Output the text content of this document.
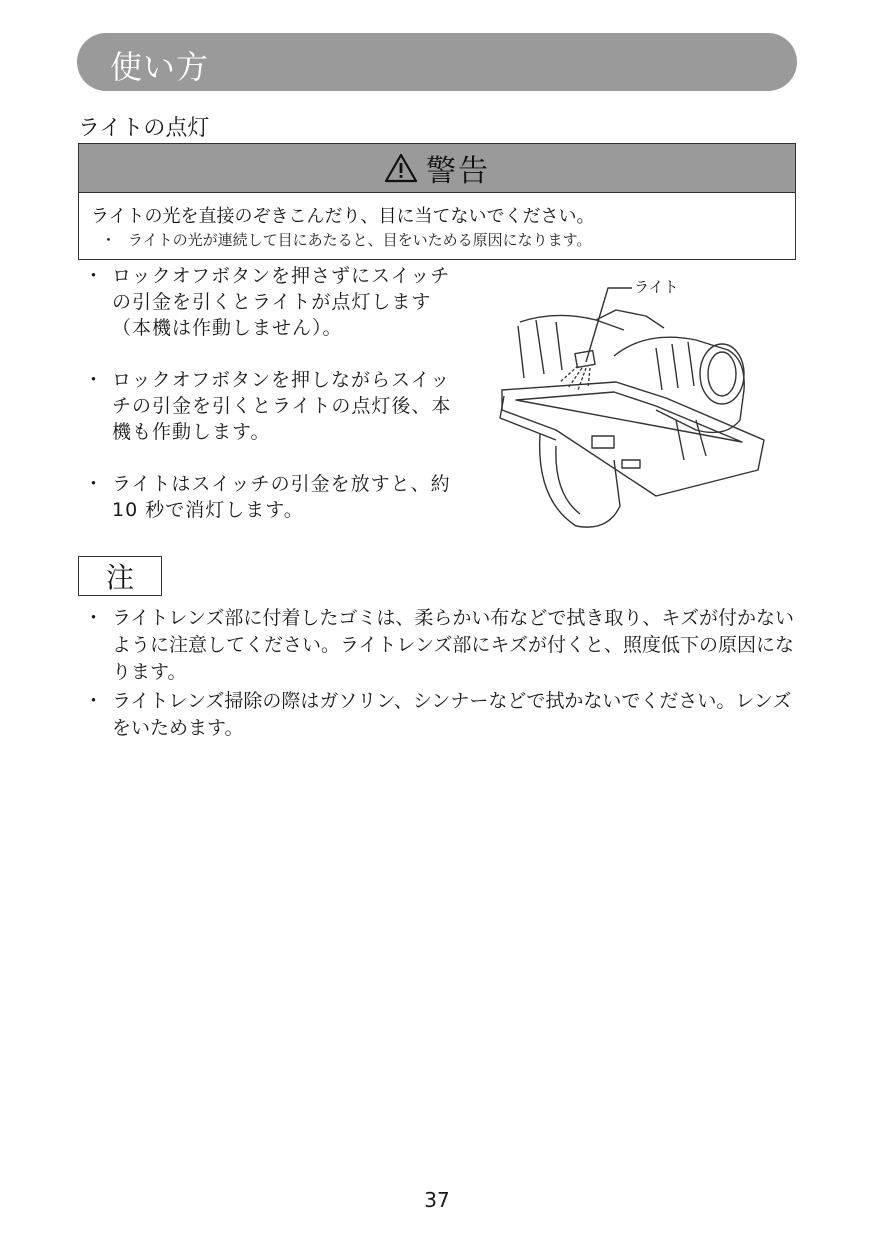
使い方
ライトの点灯
警告
ライトの光を直接のぞきこんだり、目に当てないでください。
・ ライトの光が連続して目にあたると、目をいためる原因になります。
・ ロックオフボタンを押さずにスイッチの引金を引くとライトが点灯します（本機は作動しません）。
・ ロックオフボタンを押しながらスイッチの引金を引くとライトの点灯後、本機も作動します。
・ ライトはスイッチの引金を放すと、約 10 秒で消灯します。
ライト
注
・ ライトレンズ部に付着したゴミは、柔らかい布などで拭き取り、キズが付かないように注意してください。ライトレンズ部にキズが付くと、照度低下の原因になります。
・ ライトレンズ掃除の際はガソリン、シンナーなどで拭かないでください。レンズをいためます。
37
